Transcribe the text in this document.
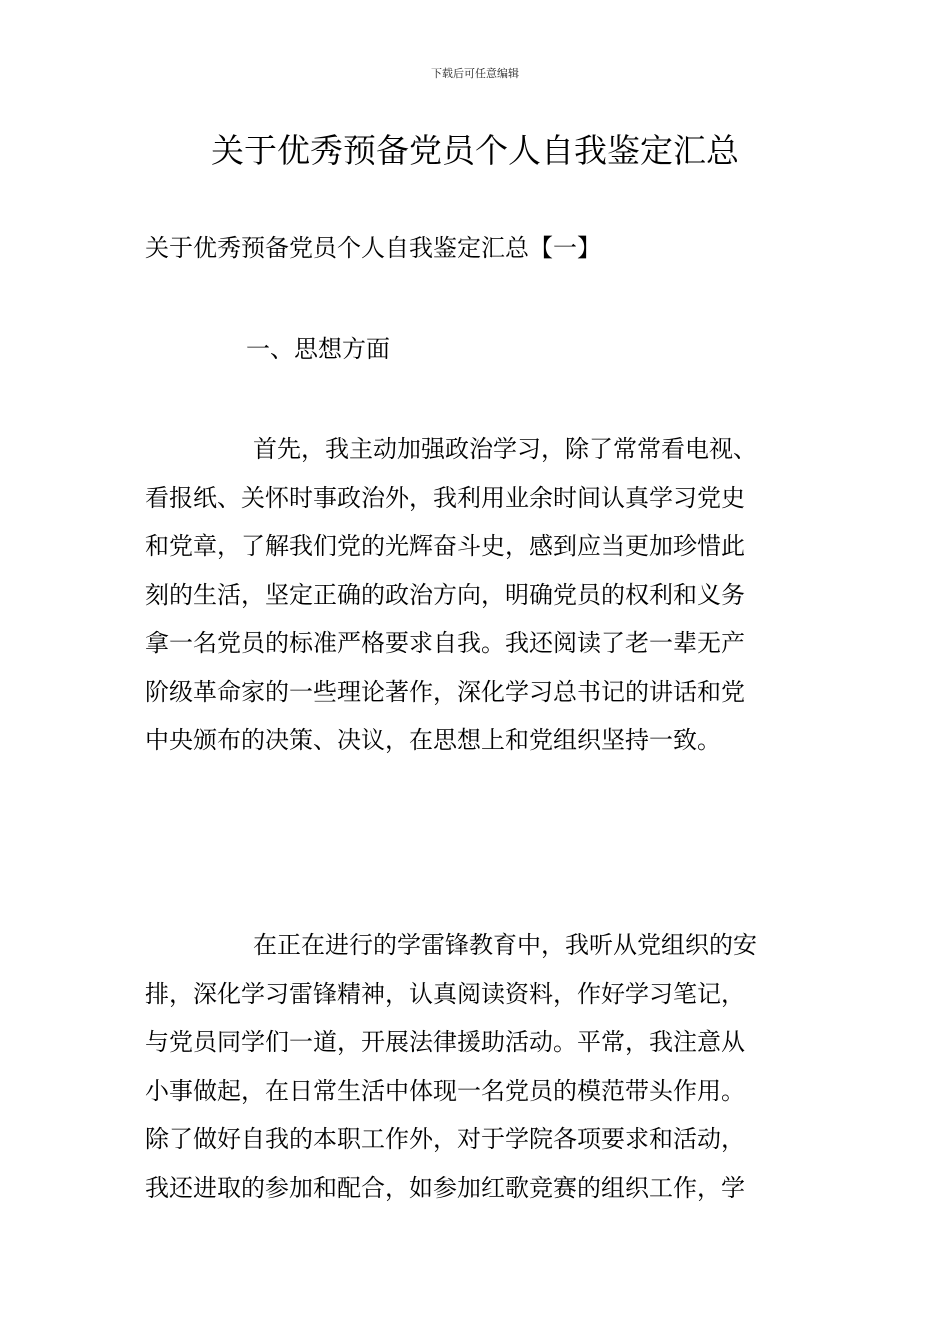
下载后可任意编辑
关于优秀预备党员个人自我鉴定汇总
关于优秀预备党员个人自我鉴定汇总【一】
一、思想方面
首先，我主动加强政治学习，除了常常看电视、
看报纸、关怀时事政治外，我利用业余时间认真学习党史
和党章，了解我们党的光辉奋斗史，感到应当更加珍惜此
刻的生活，坚定正确的政治方向，明确党员的权利和义务
拿一名党员的标准严格要求自我。我还阅读了老一辈无产
阶级革命家的一些理论著作，深化学习总书记的讲话和党
中央颁布的决策、决议，在思想上和党组织坚持一致。
在正在进行的学雷锋教育中，我听从党组织的安
排，深化学习雷锋精神，认真阅读资料，作好学习笔记，
与党员同学们一道，开展法律援助活动。平常，我注意从
小事做起，在日常生活中体现一名党员的模范带头作用。
除了做好自我的本职工作外，对于学院各项要求和活动，
我还进取的参加和配合，如参加红歌竞赛的组织工作，学
